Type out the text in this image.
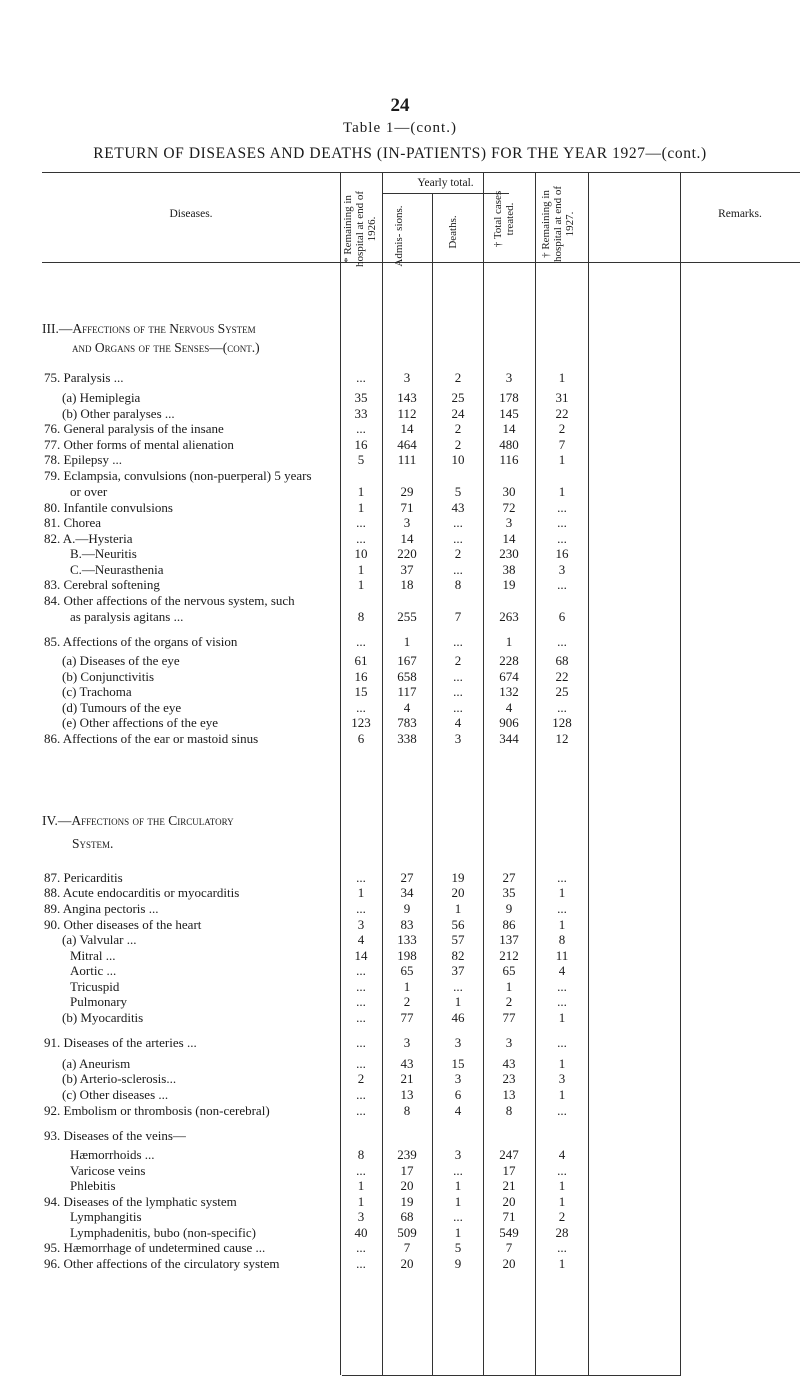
24
Table 1—(cont.)
RETURN OF DISEASES AND DEATHS (IN-PATIENTS) FOR THE YEAR 1927—(cont.)
Diseases.
Yearly total.
Remarks.
* Remaining in hospital at end of 1926. Admis- sions.	Deaths.	† Total cases treated.	† Remaining in hospital at end of 1927.
III.—Affections of the Nervous System
and Organs of the Senses—(cont.)
IV.—Affections of the Circulatory
System.
75. Paralysis ...	...	3	2	3	1
(a) Hemiplegia	35	143	25	178	31
(b) Other paralyses ...	33	112	24	145	22
76. General paralysis of the insane	...	14	2	14	2
77. Other forms of mental alienation	16	464	2	480	7
78. Epilepsy ...	5	111	10	116	1
79. Eclampsia, convulsions (non-puerperal) 5 years
or over	1	29	5	30	1
80. Infantile convulsions	1	71	43	72	...
81. Chorea	...	3	...	3	...
82. A.—Hysteria	...	14	...	14	...
B.—Neuritis	10	220	2	230	16
C.—Neurasthenia	1	37	...	38	3
83. Cerebral softening	1	18	8	19	...
84. Other affections of the nervous system, such
as paralysis agitans ...	8	255	7	263	6
85. Affections of the organs of vision	...	1	...	1	...
(a) Diseases of the eye	61	167	2	228	68
(b) Conjunctivitis	16	658	...	674	22
(c) Trachoma	15	117	...	132	25
(d) Tumours of the eye	...	4	...	4	...
(e) Other affections of the eye	123	783	4	906	128
86. Affections of the ear or mastoid sinus	6	338	3	344	12
87. Pericarditis	...	27	19	27	...
88. Acute endocarditis or myocarditis	1	34	20	35	1
89. Angina pectoris ...	...	9	1	9	...
90. Other diseases of the heart	3	83	56	86	1
(a) Valvular ...	4	133	57	137	8
Mitral ...	14	198	82	212	11
Aortic ...	...	65	37	65	4
Tricuspid	...	1	...	1	...
Pulmonary	...	2	1	2	...
(b) Myocarditis	...	77	46	77	1
91. Diseases of the arteries ...	...	3	3	3	...
(a) Aneurism	...	43	15	43	1
(b) Arterio-sclerosis...	2	21	3	23	3
(c) Other diseases ...	...	13	6	13	1
92. Embolism or thrombosis (non-cerebral)	...	8	4	8	...
93. Diseases of the veins—
Hæmorrhoids ...	8	239	3	247	4
Varicose veins	...	17	...	17	...
Phlebitis	1	20	1	21	1
94. Diseases of the lymphatic system	1	19	1	20	1
Lymphangitis	3	68	...	71	2
Lymphadenitis, bubo (non-specific)	40	509	1	549	28
95. Hæmorrhage of undetermined cause ...	...	7	5	7	...
96. Other affections of the circulatory system	...	20	9	20	1
